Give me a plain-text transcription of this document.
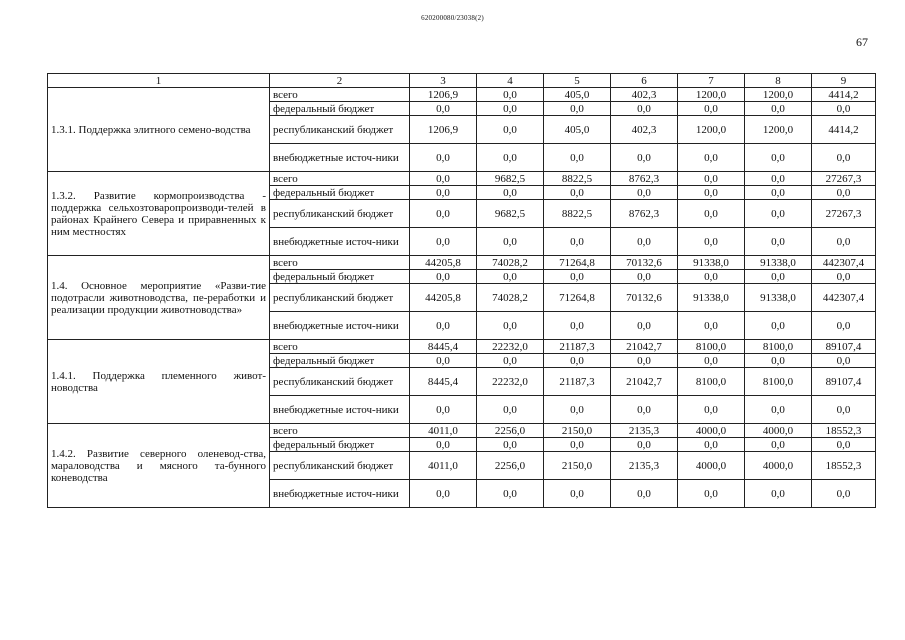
620200080/23038(2)
67
1	2	3	4	5	6	7	8	9
1.3.1. Поддержка элитного семено-водства	всего	1206,9	0,0	405,0	402,3	1200,0	1200,0	4414,2
	федеральный бюджет	0,0	0,0	0,0	0,0	0,0	0,0	0,0
	республиканский бюджет	1206,9	0,0	405,0	402,3	1200,0	1200,0	4414,2
	внебюджетные источ-ники	0,0	0,0	0,0	0,0	0,0	0,0	0,0
1.3.2. Развитие кормопроизводства - поддержка сельхозтоваропроизводи-телей в районах Крайнего Севера и приравненных к ним местностях	всего	0,0	9682,5	8822,5	8762,3	0,0	0,0	27267,3
	федеральный бюджет	0,0	0,0	0,0	0,0	0,0	0,0	0,0
	республиканский бюджет	0,0	9682,5	8822,5	8762,3	0,0	0,0	27267,3
	внебюджетные источ-ники	0,0	0,0	0,0	0,0	0,0	0,0	0,0
1.4. Основное мероприятие «Разви-тие подотрасли животноводства, пе-реработки и реализации продукции животноводства»	всего	44205,8	74028,2	71264,8	70132,6	91338,0	91338,0	442307,4
	федеральный бюджет	0,0	0,0	0,0	0,0	0,0	0,0	0,0
	республиканский бюджет	44205,8	74028,2	71264,8	70132,6	91338,0	91338,0	442307,4
	внебюджетные источ-ники	0,0	0,0	0,0	0,0	0,0	0,0	0,0
1.4.1. Поддержка племенного живот-новодства	всего	8445,4	22232,0	21187,3	21042,7	8100,0	8100,0	89107,4
	федеральный бюджет	0,0	0,0	0,0	0,0	0,0	0,0	0,0
	республиканский бюджет	8445,4	22232,0	21187,3	21042,7	8100,0	8100,0	89107,4
	внебюджетные источ-ники	0,0	0,0	0,0	0,0	0,0	0,0	0,0
1.4.2. Развитие северного оленевод-ства, мараловодства и мясного та-бунного коневодства	всего	4011,0	2256,0	2150,0	2135,3	4000,0	4000,0	18552,3
	федеральный бюджет	0,0	0,0	0,0	0,0	0,0	0,0	0,0
	республиканский бюджет	4011,0	2256,0	2150,0	2135,3	4000,0	4000,0	18552,3
	внебюджетные источ-ники	0,0	0,0	0,0	0,0	0,0	0,0	0,0
